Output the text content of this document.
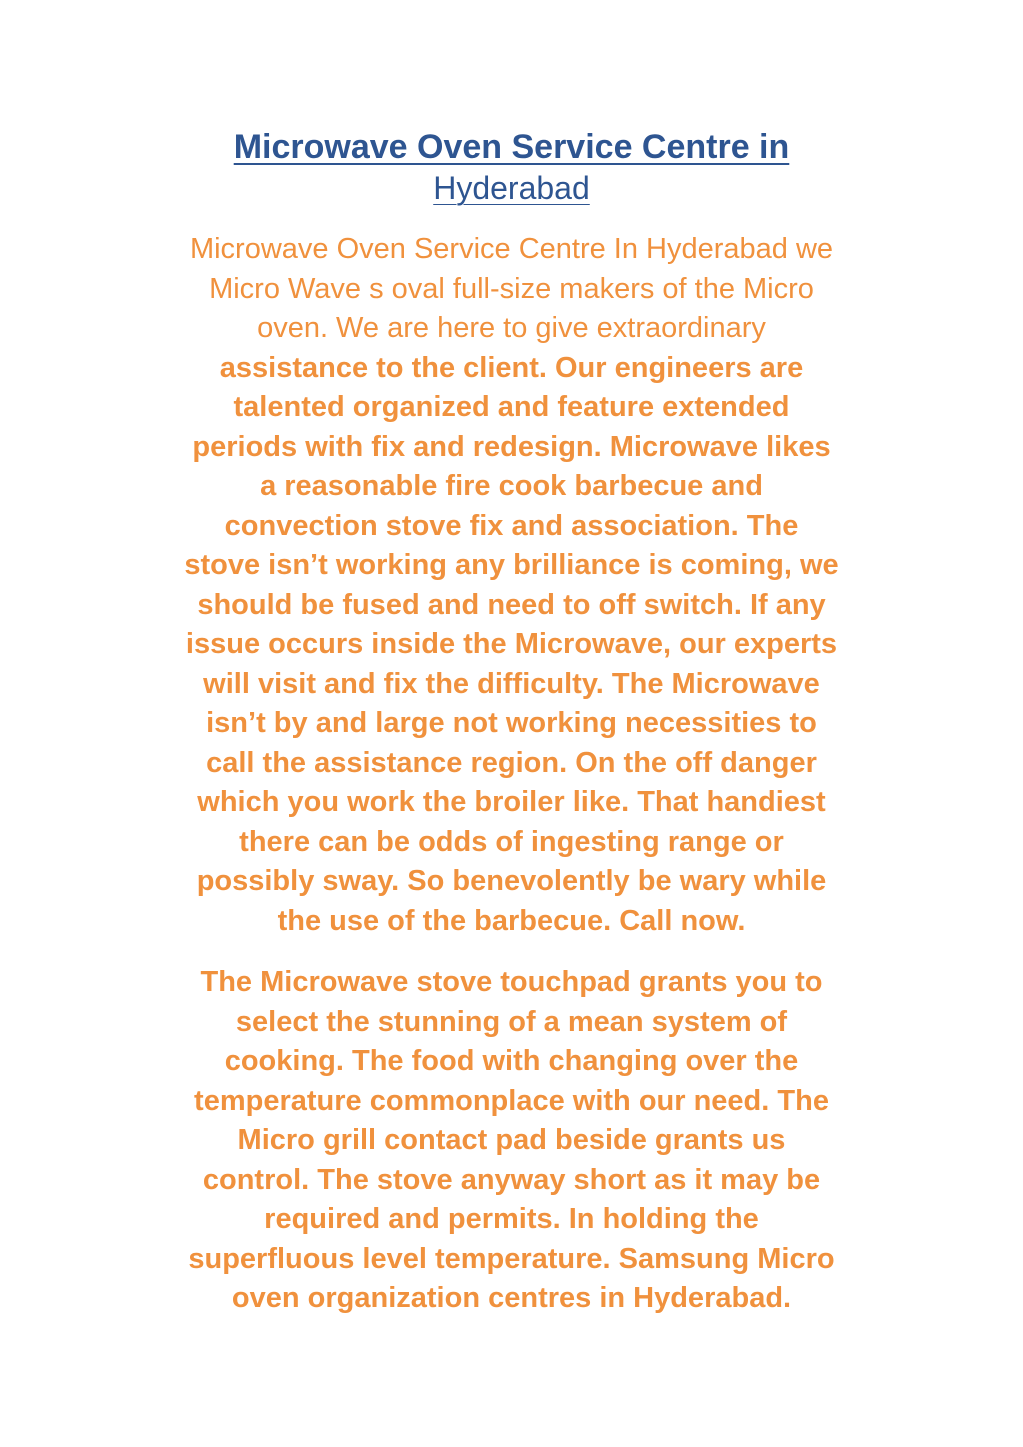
Microwave Oven Service Centre in
Hyderabad
Microwave Oven Service Centre In Hyderabad we
Micro Wave s oval full-size makers of the Micro
oven. We are here to give extraordinary
assistance to the client. Our engineers are
talented organized and feature extended
periods with fix and redesign. Microwave likes
a reasonable fire cook barbecue and
convection stove fix and association. The
stove isn’t working any brilliance is coming, we
should be fused and need to off switch. If any
issue occurs inside the Microwave, our experts
will visit and fix the difficulty. The Microwave
isn’t by and large not working necessities to
call the assistance region. On the off danger
which you work the broiler like. That handiest
there can be odds of ingesting range or
possibly sway. So benevolently be wary while
the use of the barbecue. Call now.
The Microwave stove touchpad grants you to
select the stunning of a mean system of
cooking. The food with changing over the
temperature commonplace with our need. The
Micro grill contact pad beside grants us
control. The stove anyway short as it may be
required and permits. In holding the
superfluous level temperature. Samsung Micro
oven organization centres in Hyderabad.
